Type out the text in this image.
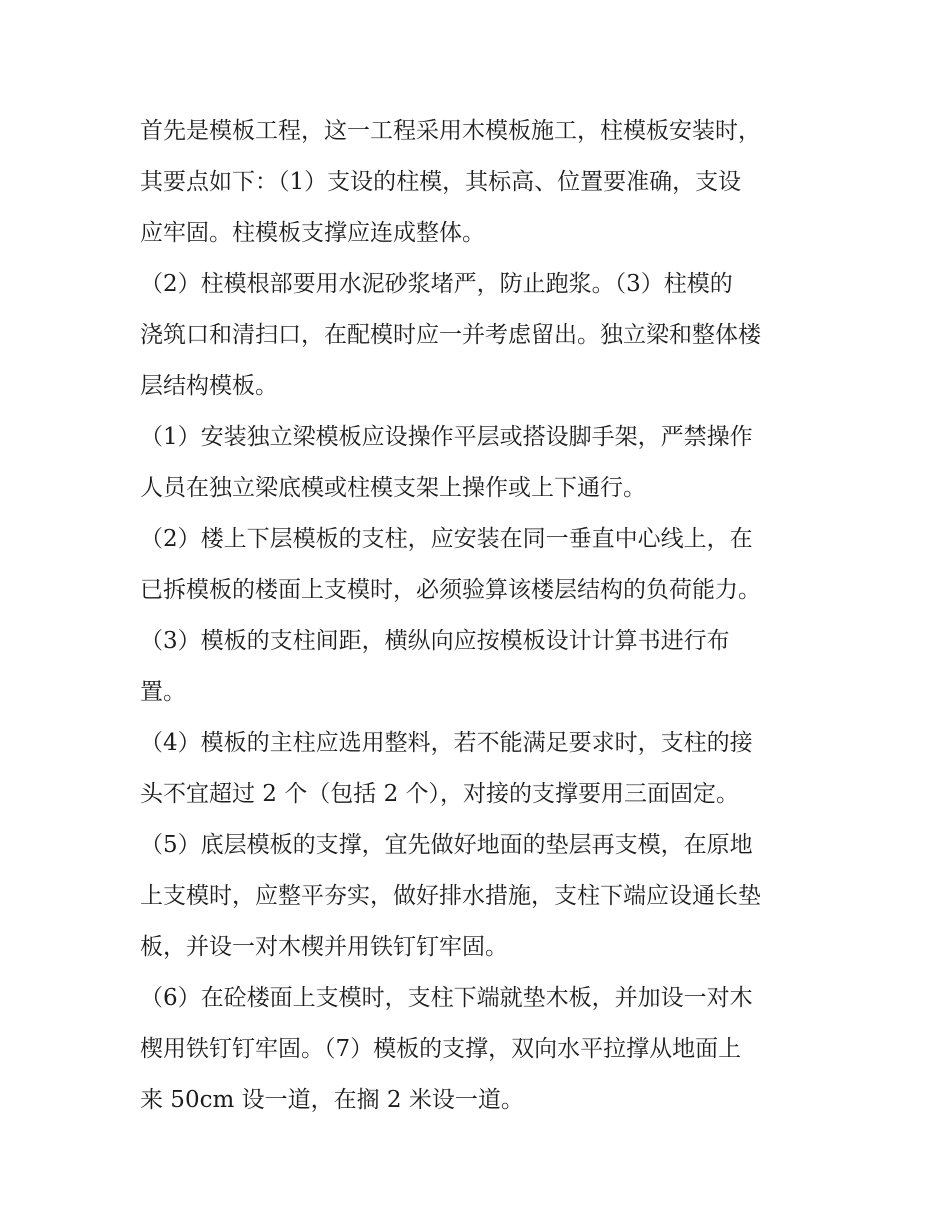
首先是模板工程，这一工程采用木模板施工，柱模板安装时，
其要点如下：（1）支设的柱模，其标高、位置要准确，支设
应牢固。柱模板支撑应连成整体。
（2）柱模根部要用水泥砂浆堵严，防止跑浆。（3）柱模的
浇筑口和清扫口，在配模时应一并考虑留出。独立梁和整体楼
层结构模板。
（1）安装独立梁模板应设操作平层或搭设脚手架，严禁操作
人员在独立梁底模或柱模支架上操作或上下通行。
（2）楼上下层模板的支柱，应安装在同一垂直中心线上，在
已拆模板的楼面上支模时，必须验算该楼层结构的负荷能力。
（3）模板的支柱间距，横纵向应按模板设计计算书进行布
置。
（4）模板的主柱应选用整料，若不能满足要求时，支柱的接
头不宜超过 2 个（包括 2 个），对接的支撑要用三面固定。
（5）底层模板的支撑，宜先做好地面的垫层再支模，在原地
上支模时，应整平夯实，做好排水措施，支柱下端应设通长垫
板，并设一对木楔并用铁钉钉牢固。
（6）在砼楼面上支模时，支柱下端就垫木板，并加设一对木
楔用铁钉钉牢固。（7）模板的支撑，双向水平拉撑从地面上
来 50cm 设一道，在搁 2 米设一道。
